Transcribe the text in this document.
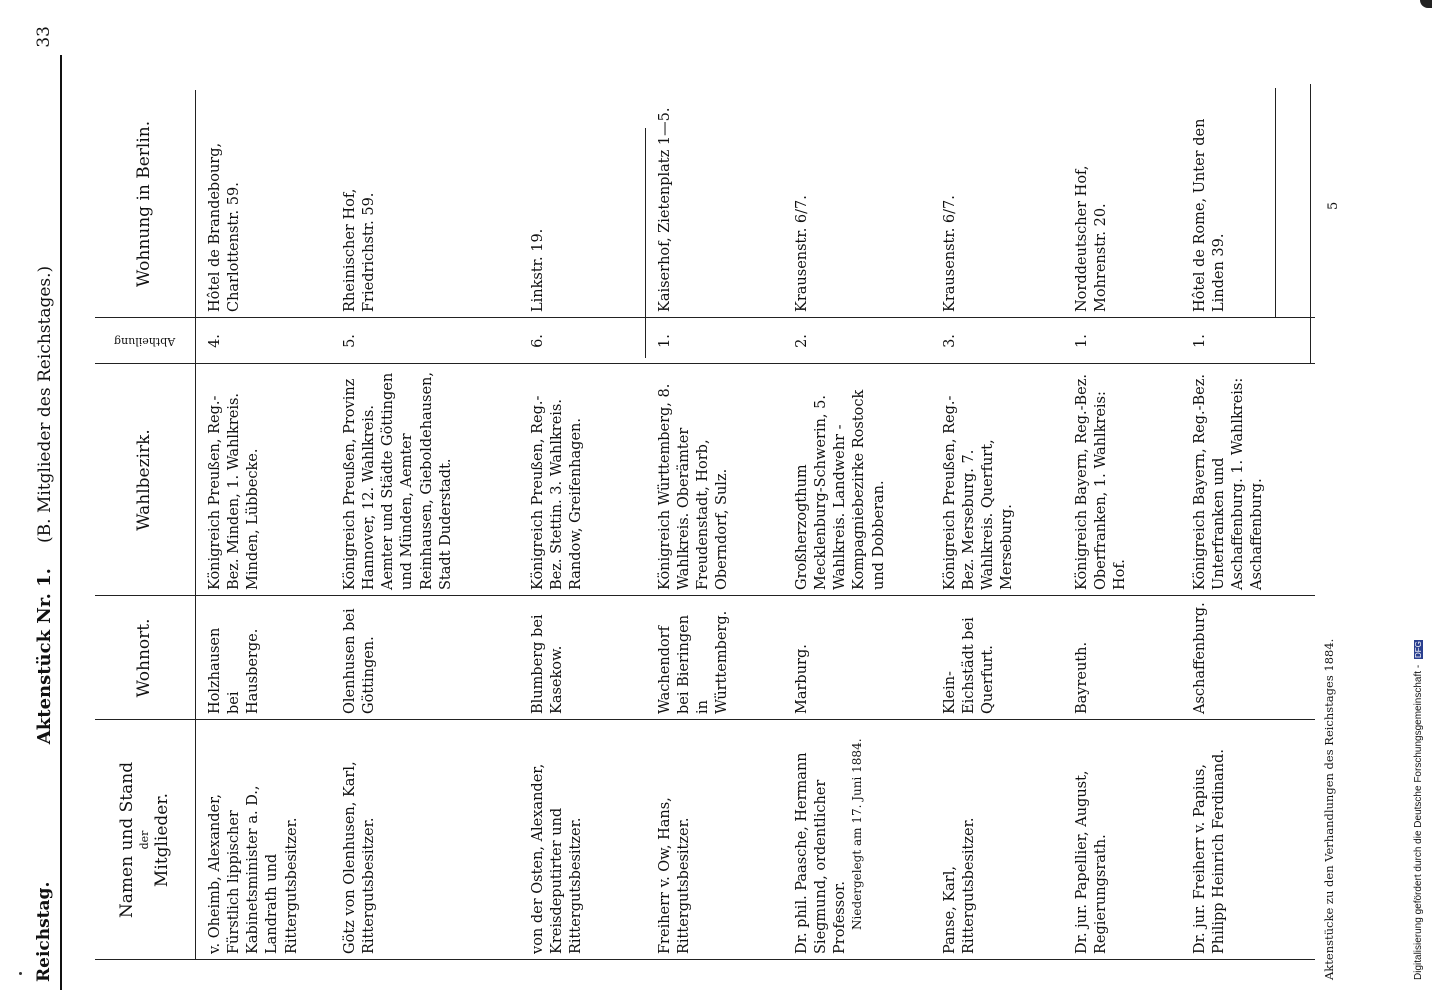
Reichstag.
Aktenstück Nr. 1.    (B. Mitglieder des Reichstages.)
33
Namen und Stand der Mitglieder.
Wohnort.
Wahlbezirk.
Abtheilung
Wohnung in Berlin.
v. Oheimb, Alexander, Fürstlich lippischer Kabinetsminister a. D., Landrath und Rittergutsbesitzer.
Holzhausen bei Hausberge.
Königreich Preußen, Reg.-Bez. Minden, 1. Wahlkreis. Minden, Lübbecke.
4.
Hôtel de Brandebourg, Charlottenstr. 59.
Götz von Olenhusen, Karl, Rittergutsbesitzer.
Olenhusen bei Göttingen.
Königreich Preußen, Provinz Hannover, 12. Wahlkreis. Aemter und Städte Göttingen und Münden, Aemter Reinhausen, Gieboldehausen, Stadt Duderstadt.
5.
Rheinischer Hof, Friedrichstr. 59.
von der Osten, Alexander, Kreisdeputirter und Rittergutsbesitzer.
Blumberg bei Kasekow.
Königreich Preußen, Reg.-Bez. Stettin. 3. Wahlkreis. Randow, Greifenhagen.
6.
Linkstr. 19.
Freiherr v. Ow, Hans, Rittergutsbesitzer.
Wachendorf bei Bieringen in Württemberg.
Königreich Württemberg, 8. Wahlkreis. Oberämter Freudenstadt, Horb, Oberndorf, Sulz.
1.
Kaiserhof, Zietenplatz 1—5.
Dr. phil. Paasche, Hermann Siegmund, ordentlicher Professor. Niedergelegt am 17. Juni 1884.
Marburg.
Großherzogthum Mecklenburg-Schwerin, 5. Wahlkreis. Landwehr - Kompagniebezirke Rostock und Dobberan.
2.
Krausenstr. 6/7.
Panse, Karl, Rittergutsbesitzer.
Klein-Eichstädt bei Querfurt.
Königreich Preußen, Reg.-Bez. Merseburg. 7. Wahlkreis. Querfurt, Merseburg.
3.
Krausenstr. 6/7.
Dr. jur. Papellier, August, Regierungsrath.
Bayreuth.
Königreich Bayern, Reg.-Bez. Oberfranken, 1. Wahlkreis: Hof.
1.
Norddeutscher Hof, Mohrenstr. 20.
Dr. jur. Freiherr v. Papius, Philipp Heinrich Ferdinand.
Aschaffenburg.
Königreich Bayern, Reg.-Bez. Unterfranken und Aschaffenburg. 1. Wahlkreis: Aschaffenburg.
1.
Hôtel de Rome, Unter den Linden 39.
Aktenstücke zu den Verhandlungen des Reichstages 1884.
5
Digitalisierung gefördert durch die Deutsche Forschungsgemeinschaft - DFG
